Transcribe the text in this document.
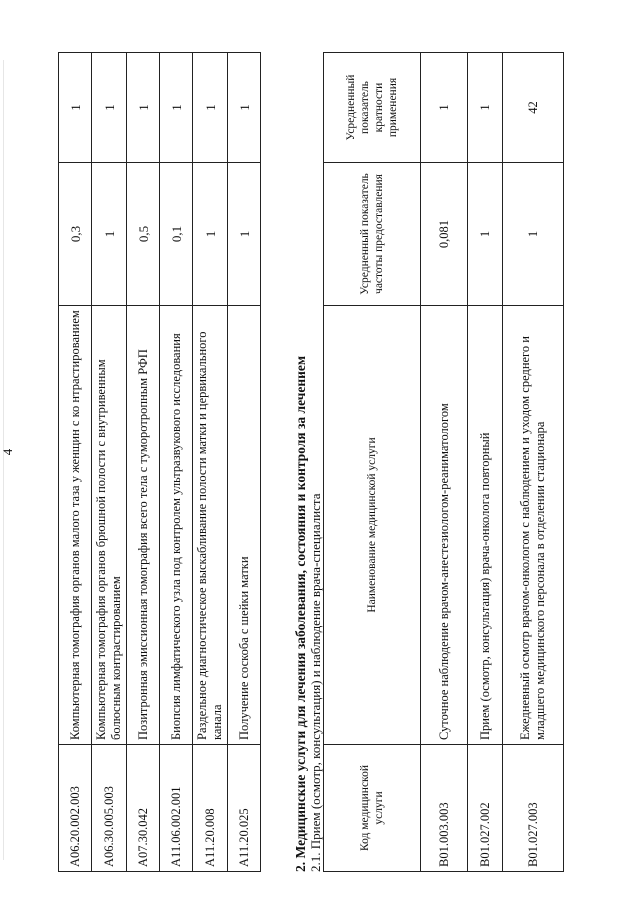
4
A06.20.002.003	Компьютерная томография органов малого таза у женщин с ко нтрастированием	0,3	1
A06.30.005.003	Компьютерная томография органов брюшной полости с внутривенным болюсным контрастированием	1	1
A07.30.042	Позитронная эмиссионная томография всего тела с туморотропным РФП	0,5	1
A11.06.002.001	Биопсия лимфатического узла под контролем ультразвукового исследования	0,1	1
A11.20.008	Раздельное диагностическое выскабливание полости матки и цервикального канала	1	1
A11.20.025	Получение соскоба с шейки матки	1	1
2. Медицинские услуги для лечения заболевания, состояния и контроля за лечением 2.1. Прием (осмотр, консультация) и наблюдение врача-специалиста	Код медицинской услуги	Наименование медицинской услуги	Усредненный показатель частоты предоставления	Усредненный показатель кратности применения
B01.003.003	Суточное наблюдение врачом-анестезиологом-реаниматологом	0,081	1
B01.027.002	Прием (осмотр, консультация) врача-онколога повторный	1	1
B01.027.003	Ежедневный осмотр врачом-онкологом с наблюдением и уходом среднего и младшего медицинского персонала в отделении стационара	1	42
